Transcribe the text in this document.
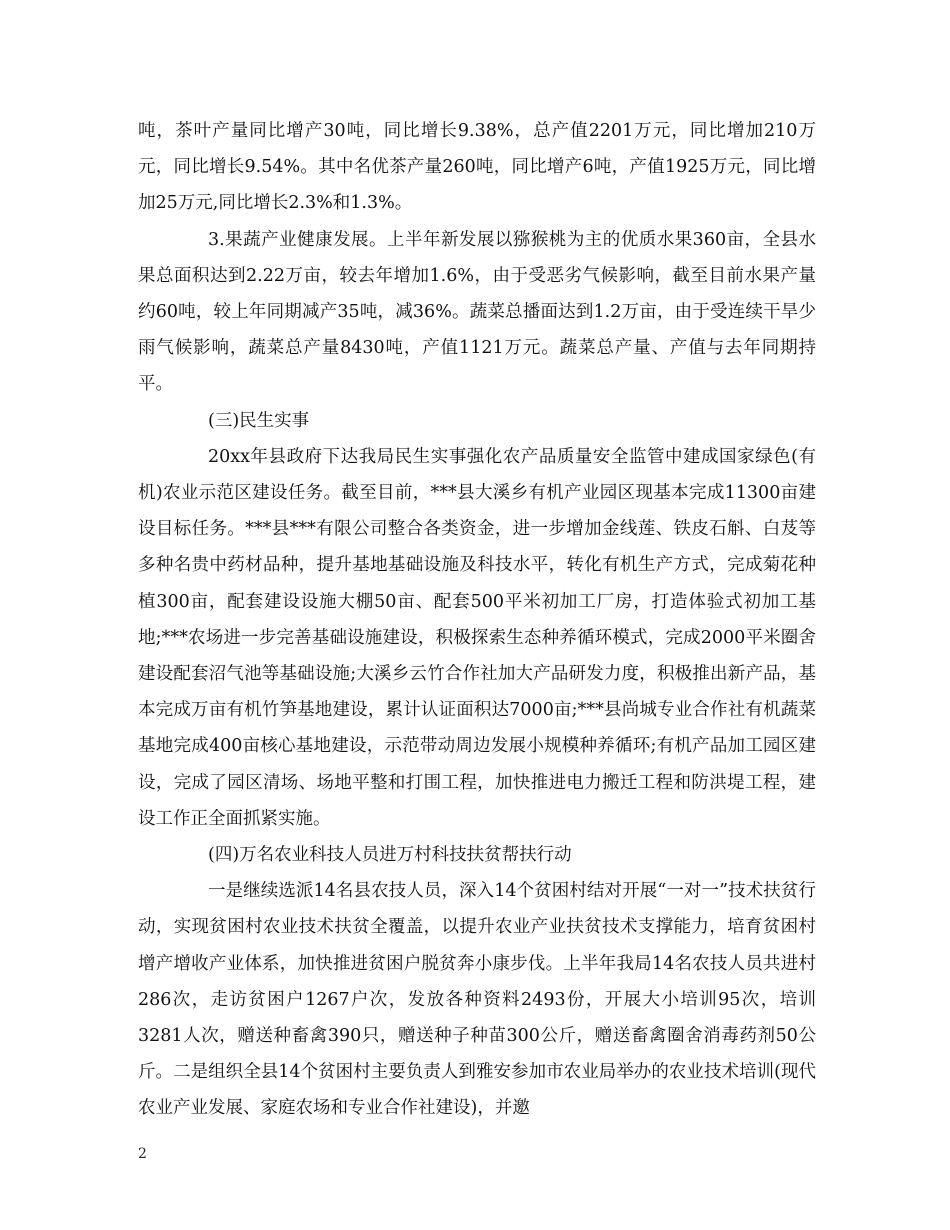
吨，茶叶产量同比增产30吨，同比增长9.38%，总产值2201万元，同比增加210万元，同比增长9.54%。其中名优茶产量260吨，同比增产6吨，产值1925万元，同比增加25万元,同比增长2.3%和1.3%。

3.果蔬产业健康发展。上半年新发展以猕猴桃为主的优质水果360亩，全县水果总面积达到2.22万亩，较去年增加1.6%，由于受恶劣气候影响，截至目前水果产量约60吨，较上年同期减产35吨，减36%。蔬菜总播面达到1.2万亩，由于受连续干旱少雨气候影响，蔬菜总产量8430吨，产值1121万元。蔬菜总产量、产值与去年同期持平。

(三)民生实事

20xx年县政府下达我局民生实事强化农产品质量安全监管中建成国家绿色(有机)农业示范区建设任务。截至目前，***县大溪乡有机产业园区现基本完成11300亩建设目标任务。***县***有限公司整合各类资金，进一步增加金线莲、铁皮石斛、白芨等多种名贵中药材品种，提升基地基础设施及科技水平，转化有机生产方式，完成菊花种植300亩，配套建设设施大棚50亩、配套500平米初加工厂房，打造体验式初加工基地;***农场进一步完善基础设施建设，积极探索生态种养循环模式，完成2000平米圈舍建设配套沼气池等基础设施;大溪乡云竹合作社加大产品研发力度，积极推出新产品，基本完成万亩有机竹笋基地建设，累计认证面积达7000亩;***县尚城专业合作社有机蔬菜基地完成400亩核心基地建设，示范带动周边发展小规模种养循环;有机产品加工园区建设，完成了园区清场、场地平整和打围工程，加快推进电力搬迁工程和防洪堤工程，建设工作正全面抓紧实施。

(四)万名农业科技人员进万村科技扶贫帮扶行动

一是继续选派14名县农技人员，深入14个贫困村结对开展“一对一”技术扶贫行动，实现贫困村农业技术扶贫全覆盖，以提升农业产业扶贫技术支撑能力，培育贫困村增产增收产业体系，加快推进贫困户脱贫奔小康步伐。上半年我局14名农技人员共进村286次，走访贫困户1267户次，发放各种资料2493份，开展大小培训95次，培训3281人次，赠送种畜禽390只，赠送种子种苗300公斤，赠送畜禽圈舍消毒药剂50公斤。二是组织全县14个贫困村主要负责人到雅安参加市农业局举办的农业技术培训(现代农业产业发展、家庭农场和专业合作社建设)，并邀

2
